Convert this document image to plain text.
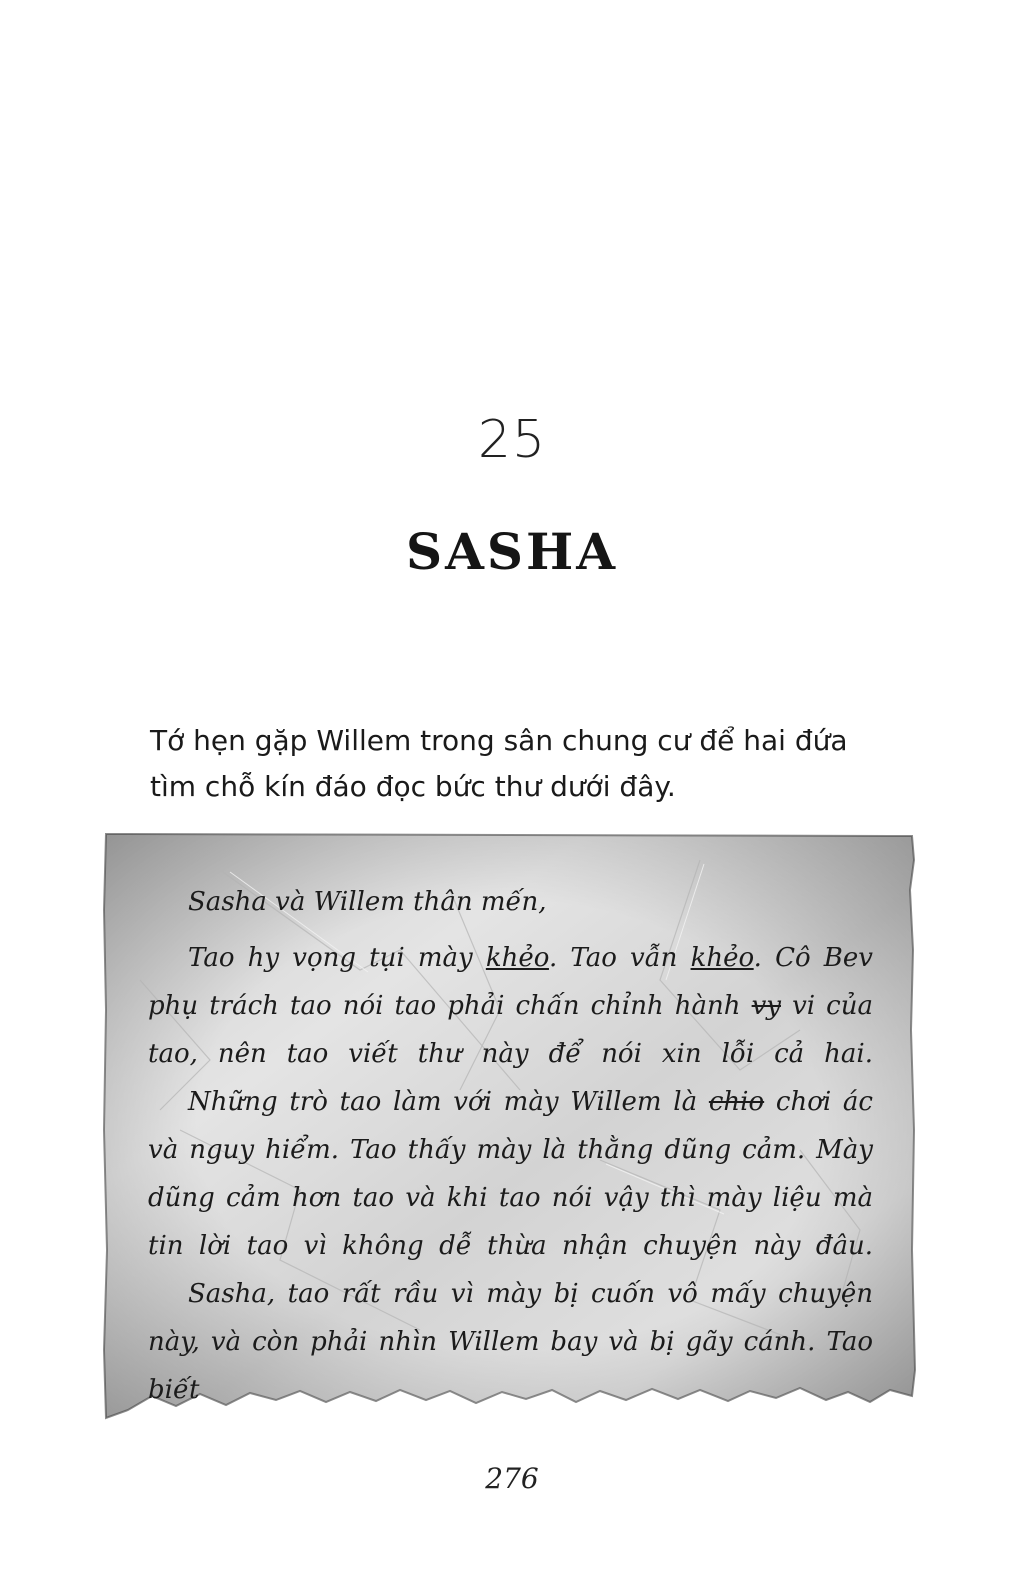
25
SASHA

Tớ hẹn gặp Willem trong sân chung cư để hai đứa

tìm chỗ kín đáo đọc bức thư dưới đây.

Sasha và Willem thân mến,

Tao hy vọng tụi mày khẻo. Tao vẫn khẻo. Cô Bev phụ trách tao nói tao phải chấn chỉnh hành vy vi của tao, nên tao viết thư này để nói xin lỗi cả hai.

Những trò tao làm với mày Willem là chio chơi ác và nguy hiểm. Tao thấy mày là thằng dũng cảm. Mày dũng cảm hơn tao và khi tao nói vậy thì mày liệu mà tin lời tao vì không dễ thừa nhận chuyện này đâu.

Sasha, tao rất rầu vì mày bị cuốn vô mấy chuyện này, và còn phải nhìn Willem bay và bị gãy cánh. Tao biết

276
